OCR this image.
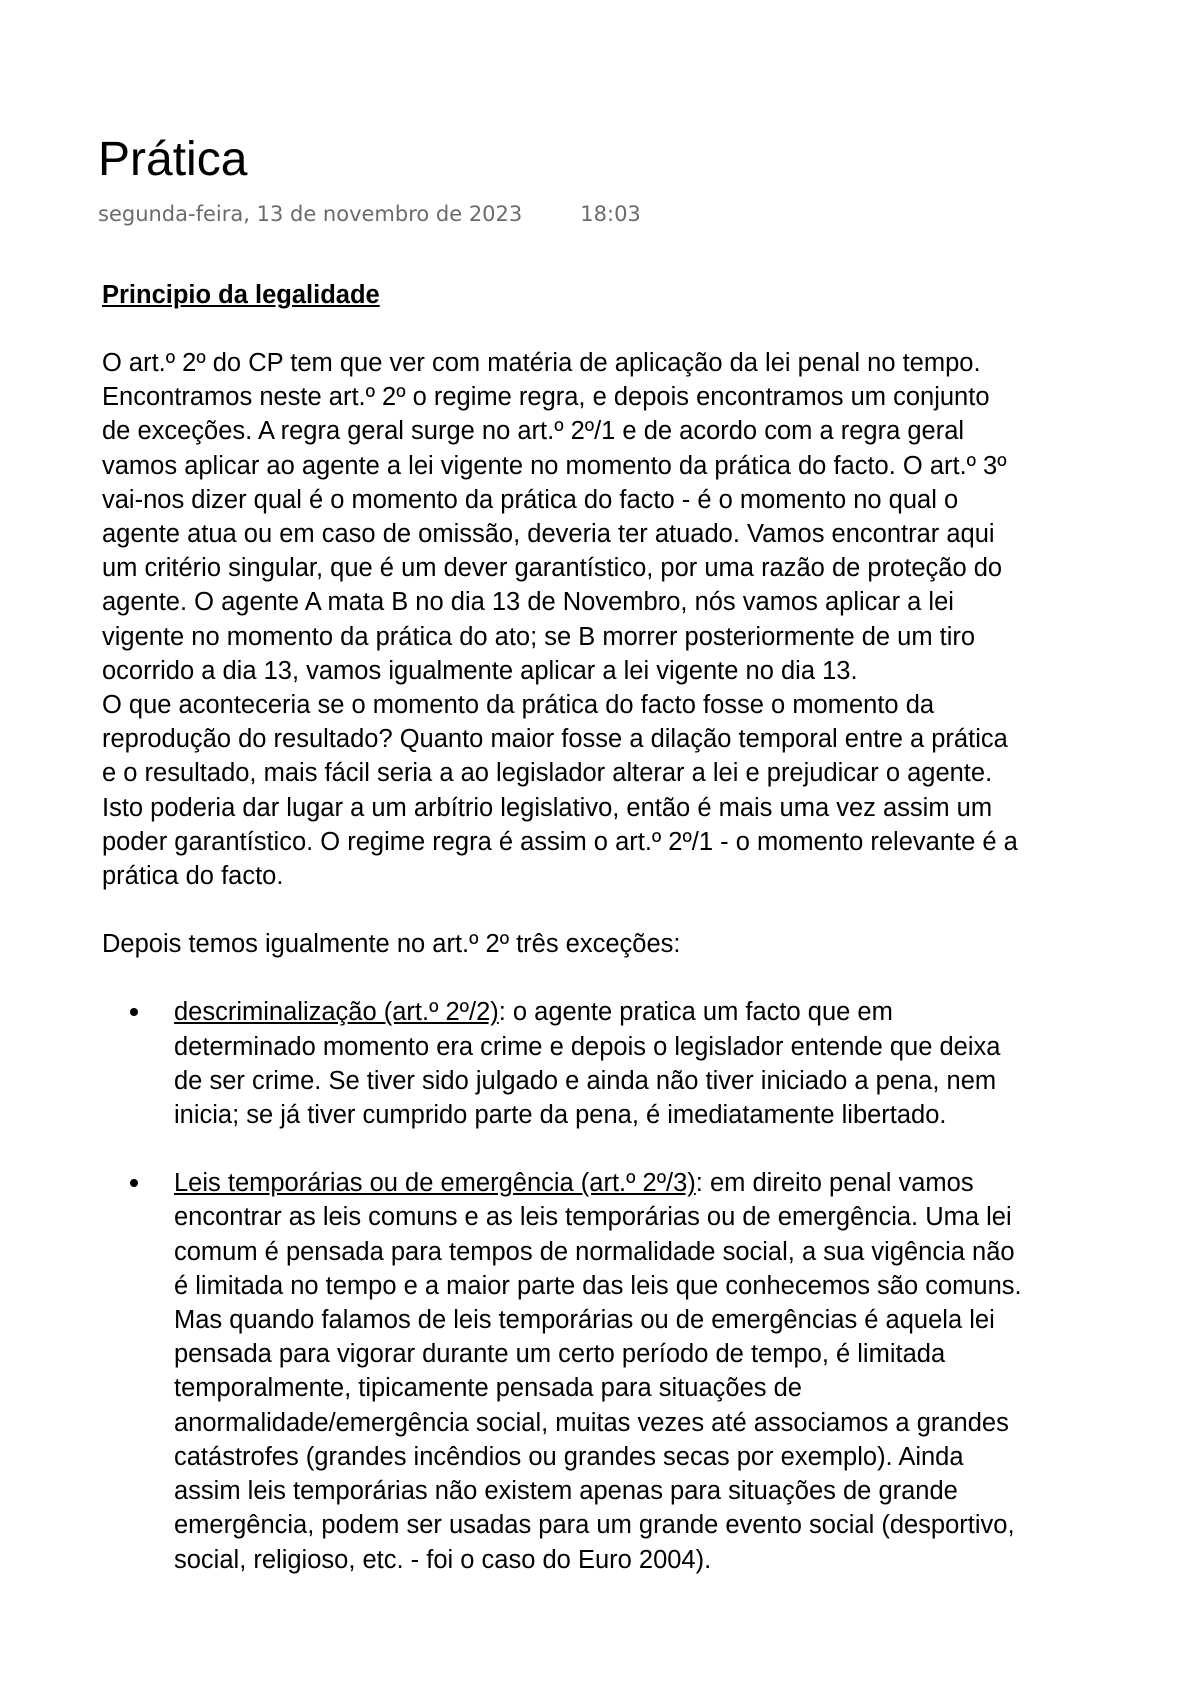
Prática
segunda-feira, 13 de novembro de 2023	18:03

Principio da legalidade

O art.º 2º do CP tem que ver com matéria de aplicação da lei penal no tempo.
Encontramos neste art.º 2º o regime regra, e depois encontramos um conjunto
de exceções. A regra geral surge no art.º 2º/1 e de acordo com a regra geral
vamos aplicar ao agente a lei vigente no momento da prática do facto. O art.º 3º
vai-nos dizer qual é o momento da prática do facto - é o momento no qual o
agente atua ou em caso de omissão, deveria ter atuado. Vamos encontrar aqui
um critério singular, que é um dever garantístico, por uma razão de proteção do
agente. O agente A mata B no dia 13 de Novembro, nós vamos aplicar a lei
vigente no momento da prática do ato; se B morrer posteriormente de um tiro
ocorrido a dia 13, vamos igualmente aplicar a lei vigente no dia 13.
O que aconteceria se o momento da prática do facto fosse o momento da
reprodução do resultado? Quanto maior fosse a dilação temporal entre a prática
e o resultado, mais fácil seria a ao legislador alterar a lei e prejudicar o agente.
Isto poderia dar lugar a um arbítrio legislativo, então é mais uma vez assim um
poder garantístico. O regime regra é assim o art.º 2º/1 - o momento relevante é a
prática do facto.

Depois temos igualmente no art.º 2º três exceções:

descriminalização (art.º 2º/2): o agente pratica um facto que em
determinado momento era crime e depois o legislador entende que deixa
de ser crime. Se tiver sido julgado e ainda não tiver iniciado a pena, nem
inicia; se já tiver cumprido parte da pena, é imediatamente libertado.
Leis temporárias ou de emergência (art.º 2º/3): em direito penal vamos
encontrar as leis comuns e as leis temporárias ou de emergência. Uma lei
comum é pensada para tempos de normalidade social, a sua vigência não
é limitada no tempo e a maior parte das leis que conhecemos são comuns.
Mas quando falamos de leis temporárias ou de emergências é aquela lei
pensada para vigorar durante um certo período de tempo, é limitada
temporalmente, tipicamente pensada para situações de
anormalidade/emergência social, muitas vezes até associamos a grandes
catástrofes (grandes incêndios ou grandes secas por exemplo). Ainda
assim leis temporárias não existem apenas para situações de grande
emergência, podem ser usadas para um grande evento social (desportivo,
social, religioso, etc. - foi o caso do Euro 2004).
